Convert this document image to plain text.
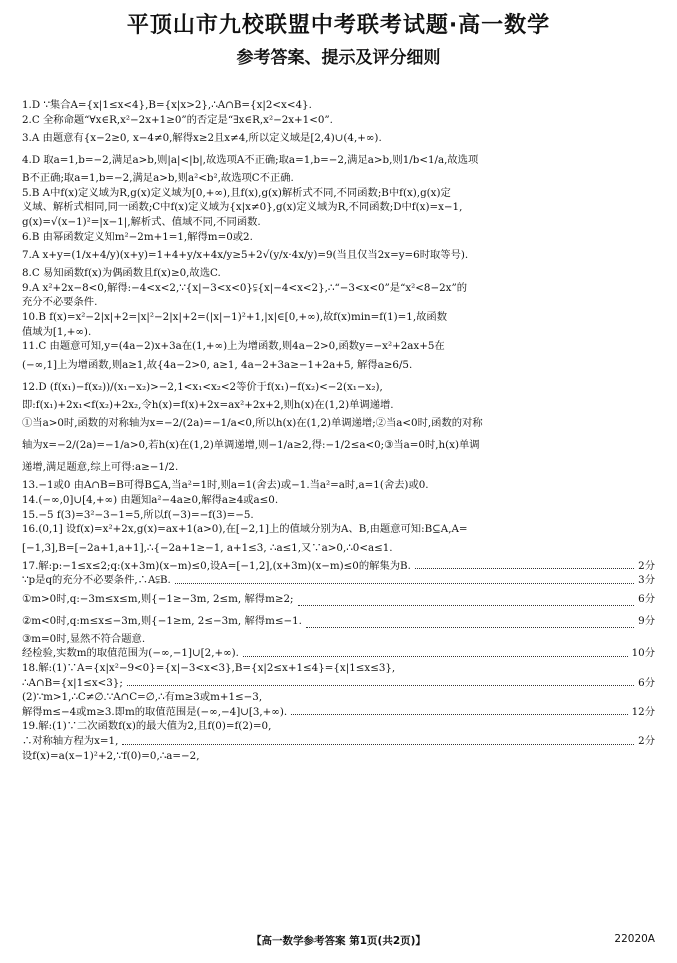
平顶山市九校联盟中考联考试题·高一数学
参考答案、提示及评分细则
1.D ∵集合A={x|1≤x<4},B={x|x>2},∴A∩B={x|2<x<4}.
2.C 全称命题“∀x∈R,x²−2x+1≥0”的否定是“∃x∈R,x²−2x+1<0”.
3.A 由题意有{x−2≥0, x−4≠0,解得x≥2且x≠4,所以定义域是[2,4)∪(4,+∞).
4.D 取a=1,b=−2,满足a>b,则|a|<|b|,故选项A不正确;取a=1,b=−2,满足a>b,则1/b<1/a,故选项
B不正确;取a=1,b=−2,满足a>b,则a²<b²,故选项C不正确.
5.B A中f(x)定义域为R,g(x)定义域为[0,+∞),且f(x),g(x)解析式不同,不同函数;B中f(x),g(x)定
义域、解析式相同,同一函数;C中f(x)定义域为{x|x≠0},g(x)定义域为R,不同函数;D中f(x)=x−1,
g(x)=√(x−1)²=|x−1|,解析式、值域不同,不同函数.
6.B 由幂函数定义知m²−2m+1=1,解得m=0或2.
7.A x+y=(1/x+4/y)(x+y)=1+4+y/x+4x/y≥5+2√(y/x·4x/y)=9(当且仅当2x=y=6时取等号).
8.C 易知函数f(x)为偶函数且f(x)≥0,故选C.
9.A x²+2x−8<0,解得:−4<x<2,∵{x|−3<x<0}⫋{x|−4<x<2},∴“−3<x<0”是“x²<8−2x”的
充分不必要条件.
10.B f(x)=x²−2|x|+2=|x|²−2|x|+2=(|x|−1)²+1,|x|∈[0,+∞),故f(x)min=f(1)=1,故函数
值域为[1,+∞).
11.C 由题意可知,y=(4a−2)x+3a在(1,+∞)上为增函数,则4a−2>0,函数y=−x²+2ax+5在
(−∞,1]上为增函数,则a≥1,故{4a−2>0, a≥1, 4a−2+3a≥−1+2a+5, 解得a≥6/5.
12.D (f(x₁)−f(x₂))/(x₁−x₂)>−2,1<x₁<x₂<2等价于f(x₁)−f(x₂)<−2(x₁−x₂),
即:f(x₁)+2x₁<f(x₂)+2x₂,令h(x)=f(x)+2x=ax²+2x+2,则h(x)在(1,2)单调递增.
①当a>0时,函数的对称轴为x=−2/(2a)=−1/a<0,所以h(x)在(1,2)单调递增;②当a<0时,函数的对称
轴为x=−2/(2a)=−1/a>0,若h(x)在(1,2)单调递增,则−1/a≥2,得:−1/2≤a<0;③当a=0时,h(x)单调
递增,满足题意,综上可得:a≥−1/2.
13.−1或0 由A∩B=B可得B⊆A,当a²=1时,则a=1(舍去)或−1.当a²=a时,a=1(舍去)或0.
14.(−∞,0]∪[4,+∞) 由题知a²−4a≥0,解得a≥4或a≤0.
15.−5 f(3)=3²−3−1=5,所以f(−3)=−f(3)=−5.
16.(0,1] 设f(x)=x²+2x,g(x)=ax+1(a>0),在[−2,1]上的值域分别为A、B,由题意可知:B⊆A,A=
[−1,3],B=[−2a+1,a+1],∴{−2a+1≥−1, a+1≤3, ∴a≤1,又∵a>0,∴0<a≤1.
17.解:p:−1≤x≤2;q:(x+3m)(x−m)≤0,设A=[−1,2],(x+3m)(x−m)≤0的解集为B.	2分
∵p是q的充分不必要条件,∴A⫋B.	3分
①m>0时,q:−3m≤x≤m,则{−1≥−3m, 2≤m, 解得m≥2;	6分
②m<0时,q:m≤x≤−3m,则{−1≥m, 2≤−3m, 解得m≤−1.	9分
③m=0时,显然不符合题意.
经检验,实数m的取值范围为(−∞,−1]∪[2,+∞).	10分
18.解:(1)∵A={x|x²−9<0}={x|−3<x<3},B={x|2≤x+1≤4}={x|1≤x≤3},
∴A∩B={x|1≤x<3};	6分
(2)∵m>1,∴C≠∅.∵A∩C=∅,∴有m≥3或m+1≤−3,
解得m≤−4或m≥3.即m的取值范围是(−∞,−4]∪[3,+∞).	12分
19.解:(1)∵二次函数f(x)的最大值为2,且f(0)=f(2)=0,
∴对称轴方程为x=1,	2分
设f(x)=a(x−1)²+2,∵f(0)=0,∴a=−2,
【高一数学参考答案 第1页(共2页)】	22020A
